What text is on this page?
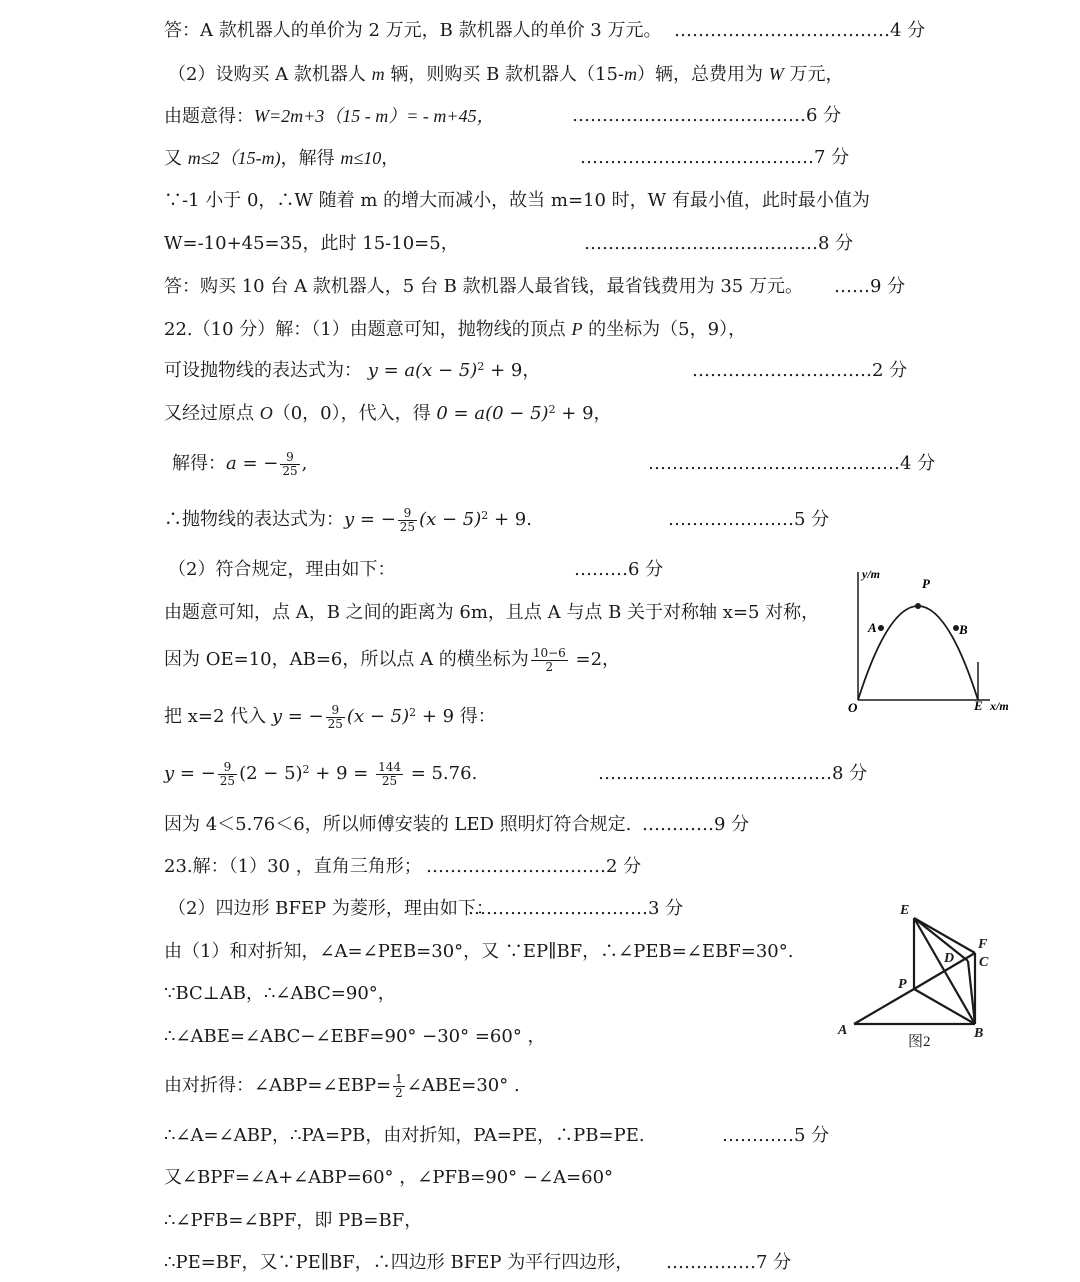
答：A 款机器人的单价为 2 万元，B 款机器人的单价 3 万元。 ………………………………4 分
（2）设购买 A 款机器人 m 辆，则购买 B 款机器人（15-m）辆，总费用为 W 万元，
由题意得：W=2m+3（15 - m）= - m+45，	…………………………………6 分
又 m≤2（15-m)，解得 m≤10，	…………………………………7 分
∵-1 小于 0，∴W 随着 m 的增大而减小，故当 m=10 时，W 有最小值，此时最小值为
W=-10+45=35，此时 15-10=5，	…………………………………8 分
答：购买 10 台 A 款机器人，5 台 B 款机器人最省钱，最省钱费用为 35 万元。 ……9 分
22.（10 分）解：（1）由题意可知，抛物线的顶点 P 的坐标为（5，9），
可设抛物线的表达式为： $y = a(x - 5)^2 + 9$，	…………………………2 分
又经过原点 O（0，0），代入，得 $0 = a(0 - 5)^2 + 9$，
解得：a = − $\frac{9}{25}$ ,	……………………………………4 分
∴抛物线的表达式为：y = − $\frac{9}{25} (x - 5)^2 + 9$.	…………………5 分
（2）符合规定，理由如下：	………6 分
由题意可知，点 A，B 之间的距离为 6m，且点 A 与点 B 关于对称轴 x=5 对称，
因为 OE=10，AB=6，所以点 A 的横坐标为 $\frac{10-6}{2} =2$，
把 x=2 代入 y = − $\frac{9}{25} (x - 5)^2 + 9$ 得：
y = − $\frac{9}{25} (2 - 5)^2 + 9 = \frac{144}{25} = 5.76$.	…………………………………8 分
因为 4＜5.76＜6，所以师傅安装的 LED 照明灯符合规定. …………9 分
23.解：（1）30 ，直角三角形； …………………………2 分
（2）四边形 BFEP 为菱形，理由如下：
…………………………3 分
由（1）和对折知，∠A=∠PEB=30°，又 ∵EP∥BF，∴∠PEB=∠EBF=30°.
∵BC⊥AB，∴∠ABC=90°，
∴∠ABE=∠ABC−∠EBF=90° −30° =60° ，
由对折得：∠ABP=∠EBP= $\frac{1}{2}$ ∠ABE=30° .
∴∠A=∠ABP，∴PA=PB，由对折知，PA=PE，∴PB=PE.	…………5 分
又∠BPF=∠A+∠ABP=60° ，∠PFB=90° −∠A=60°
∴∠PFB=∠BPF，即 PB=BF，
∴PE=BF，又∵PE∥BF，∴四边形 BFEP 为平行四边形， ……………7 分
y/m
x/m
O
P
A	B
E
E
F
C
D
P
A	B
图2
